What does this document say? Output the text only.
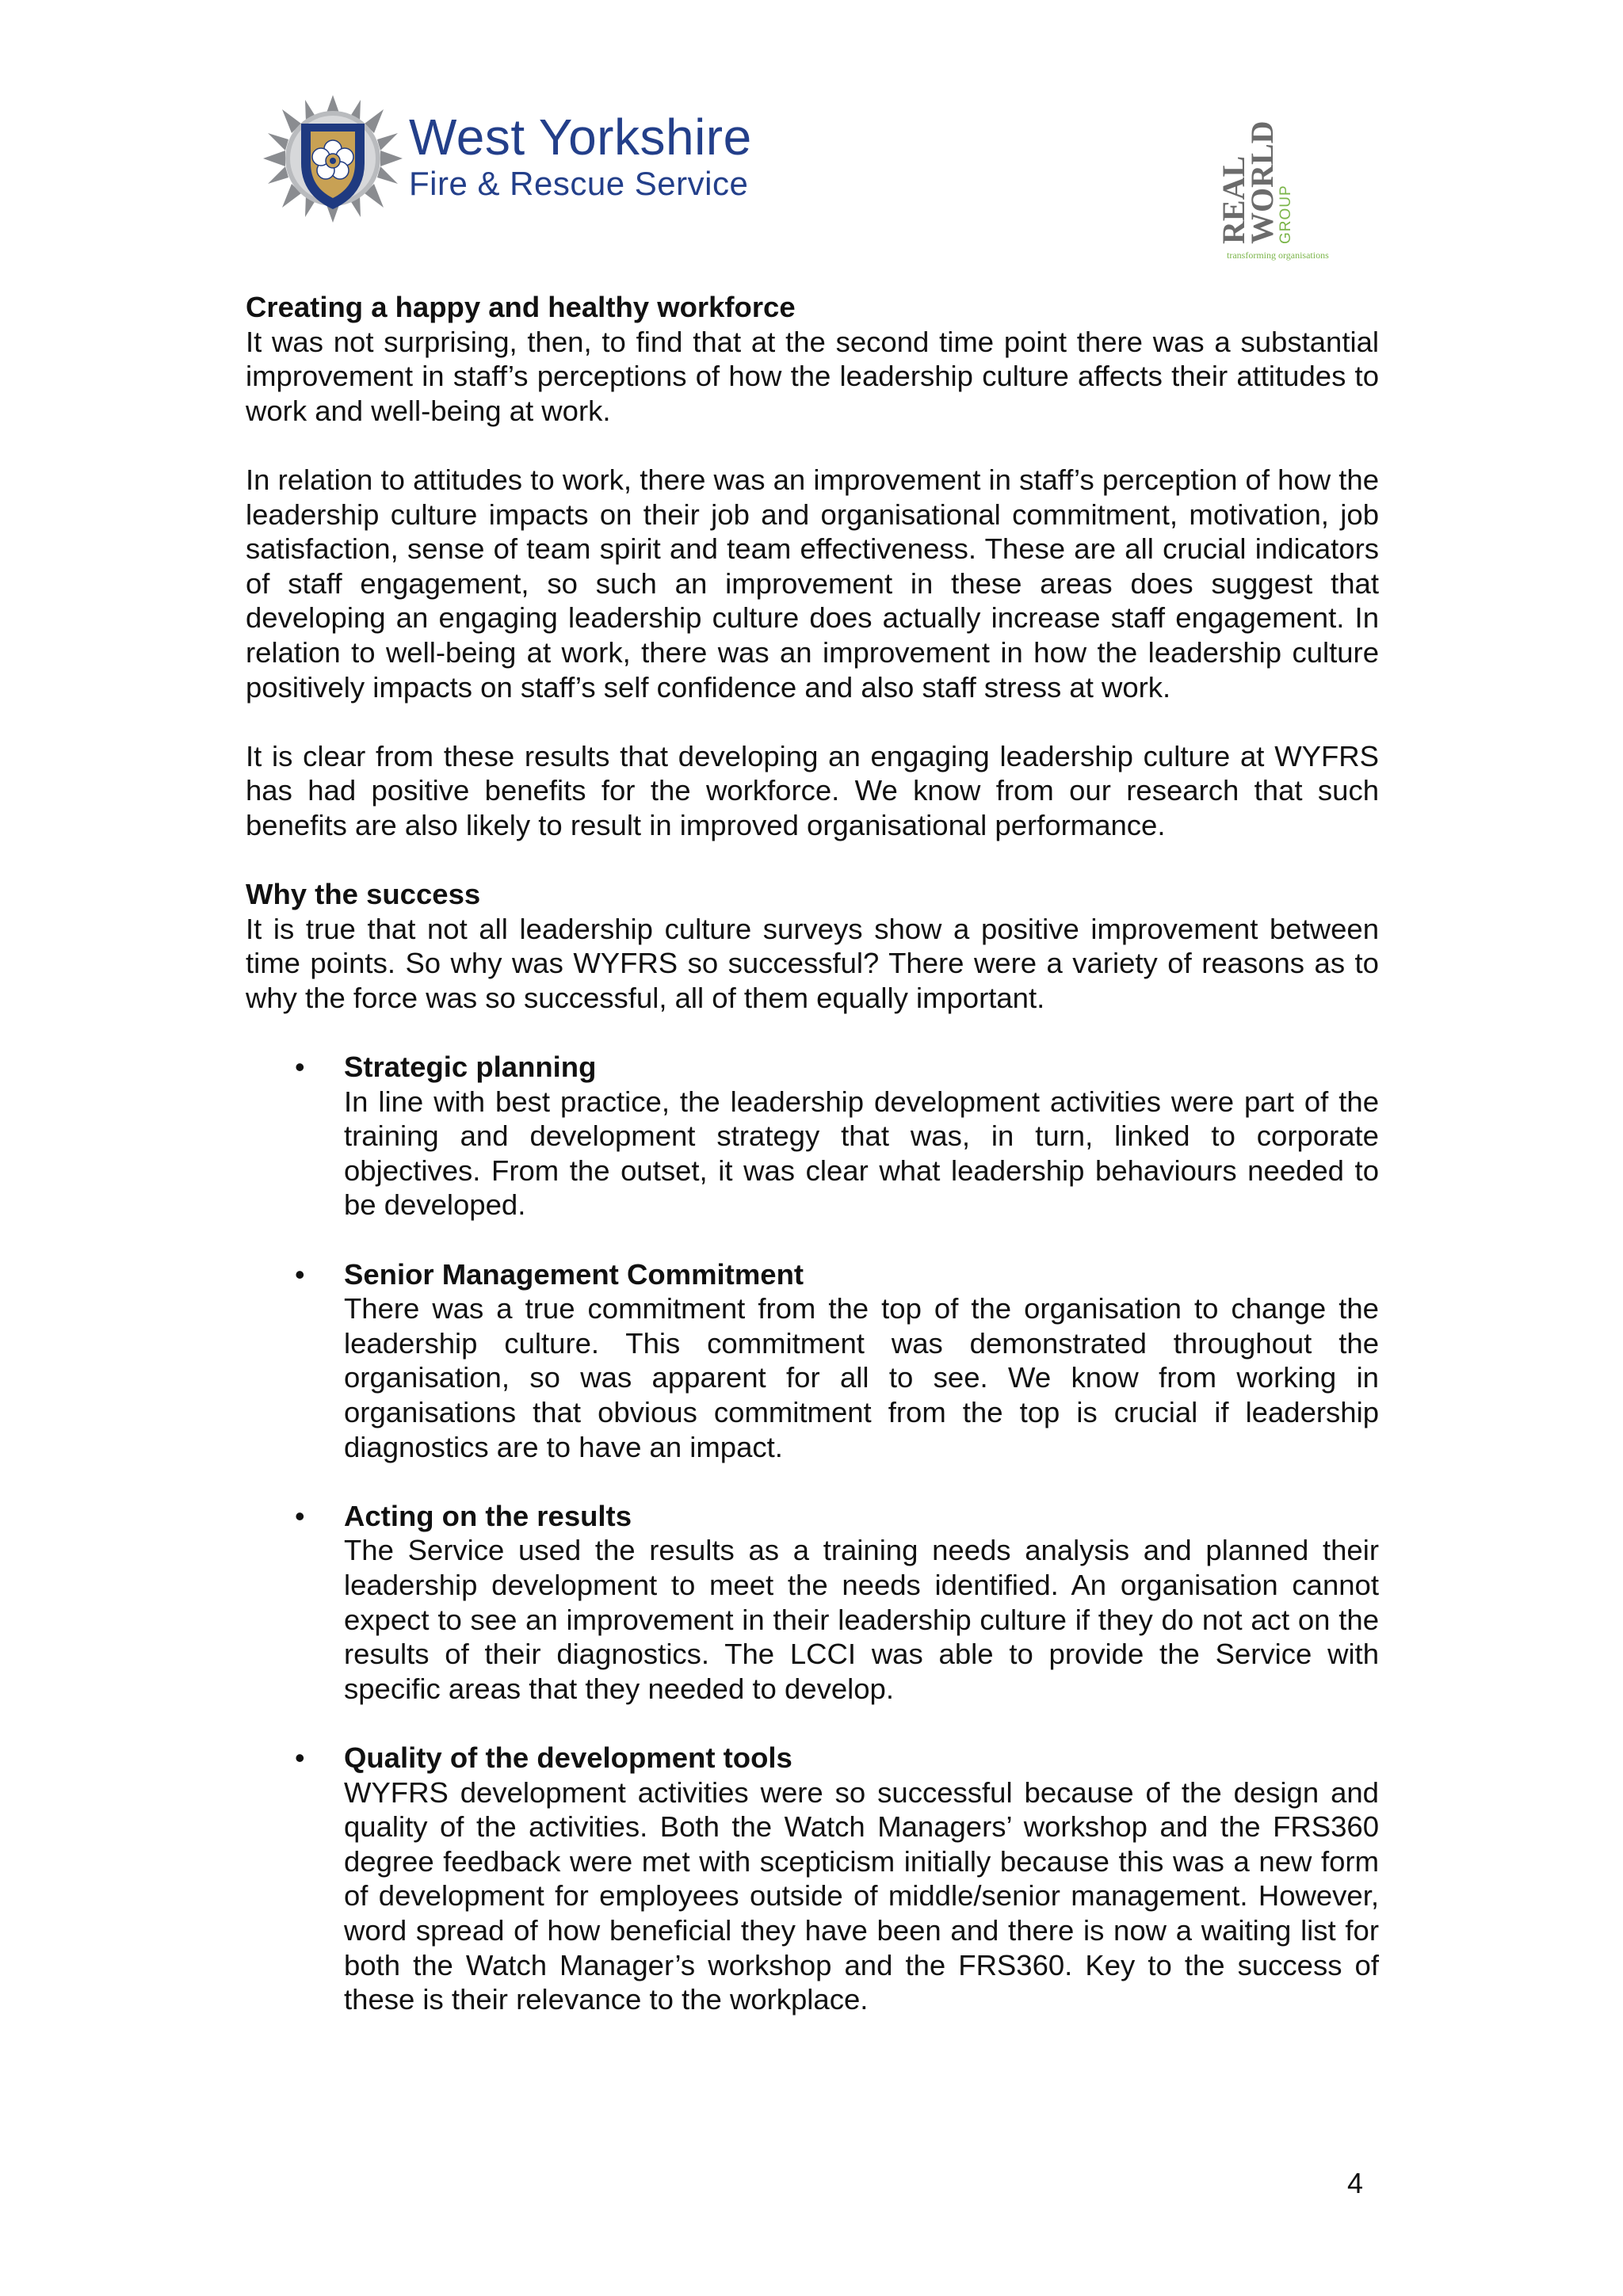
West Yorkshire
Fire & Rescue Service	REAL
WORLD
GROUP
transforming organisations
Creating a happy and healthy workforce

It was not surprising, then, to find that at the second time point there was a substantial improvement in staff’s perceptions of how the leadership culture affects their attitudes to work and well-being at work.

In relation to attitudes to work, there was an improvement in staff’s perception of how the leadership culture impacts on their job and organisational commitment, motivation, job satisfaction, sense of team spirit and team effectiveness. These are all crucial indicators of staff engagement, so such an improvement in these areas does suggest that developing an engaging leadership culture does actually increase staff engagement. In relation to well-being at work, there was an improvement in how the leadership culture positively impacts on staff’s self confidence and also staff stress at work.

It is clear from these results that developing an engaging leadership culture at WYFRS has had positive benefits for the workforce. We know from our research that such benefits are also likely to result in improved organisational performance.

Why the success

It is true that not all leadership culture surveys show a positive improvement between time points. So why was WYFRS so successful? There were a variety of reasons as to why the force was so successful, all of them equally important.

• Strategic planning
In line with best practice, the leadership development activities were part of the training and development strategy that was, in turn, linked to corporate objectives. From the outset, it was clear what leadership behaviours needed to be developed.
• Senior Management Commitment
There was a true commitment from the top of the organisation to change the leadership culture. This commitment was demonstrated throughout the organisation, so was apparent for all to see. We know from working in organisations that obvious commitment from the top is crucial if leadership diagnostics are to have an impact.
• Acting on the results
The Service used the results as a training needs analysis and planned their leadership development to meet the needs identified. An organisation cannot expect to see an improvement in their leadership culture if they do not act on the results of their diagnostics. The LCCI was able to provide the Service with specific areas that they needed to develop.
• Quality of the development tools
WYFRS development activities were so successful because of the design and quality of the activities. Both the Watch Managers’ workshop and the FRS360 degree feedback were met with scepticism initially because this was a new form of development for employees outside of middle/senior management. However, word spread of how beneficial they have been and there is now a waiting list for both the Watch Manager’s workshop and the FRS360. Key to the success of these is their relevance to the workplace.
4
